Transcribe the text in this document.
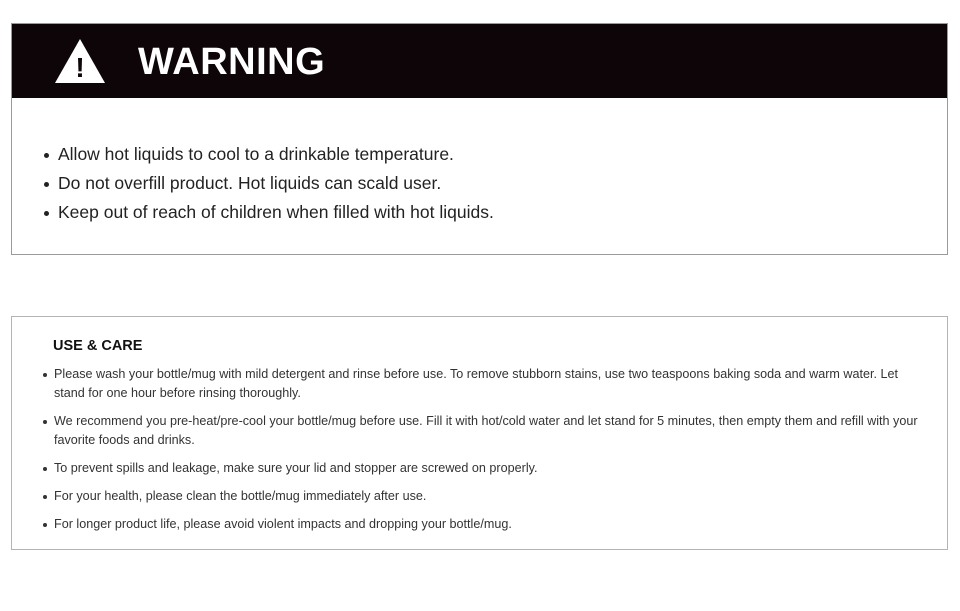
! WARNING
Allow hot liquids to cool to a drinkable temperature.
Do not overfill product. Hot liquids can scald user.
Keep out of reach of children when filled with hot liquids.
USE & CARE
Please wash your bottle/mug with mild detergent and rinse before use. To remove stubborn stains, use two teaspoons baking soda and warm water. Let stand for one hour before rinsing thoroughly.
We recommend you pre-heat/pre-cool your bottle/mug before use. Fill it with hot/cold water and let stand for 5 minutes, then empty them and refill with your favorite foods and drinks.
To prevent spills and leakage, make sure your lid and stopper are screwed on properly.
For your health, please clean the bottle/mug immediately after use.
For longer product life, please avoid violent impacts and dropping your bottle/mug.
